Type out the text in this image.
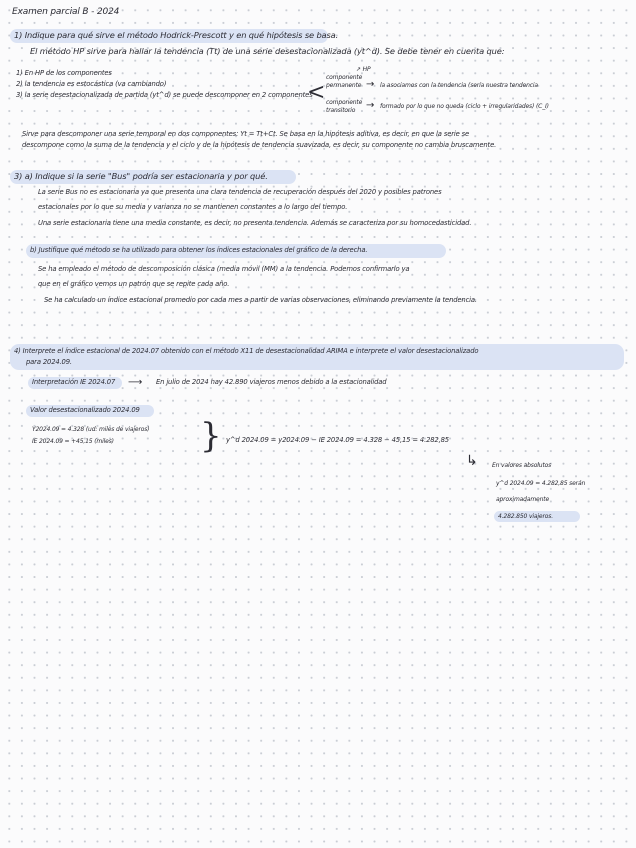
Examen parcial B - 2024
1) Indique para qué sirve el método Hodrick-Prescott y en qué hipótesis se basa.
El método HP sirve para hallar la tendencia (Tt) de una serie desestacionalizada (yt^d). Se debe tener en cuenta que:
1) En HP de los componentes
2) la tendencia es estocástica (va cambiando)
3) la serie desestacionalizada de partida (yt^d) se puede descomponer en 2 componentes
<
↗ HP
componente permanente → la asociamos con la tendencia (sería nuestra tendencia
componente transitorio	→ formado por lo que no queda (ciclo + irregularidades) (C_I)
Sirve para descomponer una serie temporal en dos componentes: Yt = Tt+Ct. Se basa en la hipótesis aditiva, es decir, en que la serie se
descompone como la suma de la tendencia y el ciclo y de la hipótesis de tendencia suavizada, es decir, su componente no cambia bruscamente.
3) a) Indique si la serie "Bus" podría ser estacionaria y por qué.
La serie Bus no es estacionaria ya que presenta una clara tendencia de recuperación después del 2020 y posibles patrones
estacionales por lo que su media y varianza no se mantienen constantes a lo largo del tiempo.
Una serie estacionaria tiene una media constante, es decir, no presenta tendencia. Además se caracteriza por su homocedasticidad.
b) Justifique qué método se ha utilizado para obtener los índices estacionales del gráfico de la derecha.
Se ha empleado el método de descomposición clásica (media móvil (MM) a la tendencia. Podemos confirmarlo ya
que en el gráfico vemos un patrón que se repite cada año.
Se ha calculado un índice estacional promedio por cada mes a partir de varias observaciones, eliminando previamente la tendencia.
4) Interprete el índice estacional de 2024.07 obtenido con el método X11 de desestacionalidad ARIMA e interprete el valor desestacionalizado
para 2024.09.
Interpretación IE 2024.07 ⟶ En julio de 2024 hay 42.890 viajeros menos debido a la estacionalidad
Valor desestacionalizado 2024.09
Y2024.09 = 4.328 (ud: miles de viajeros)
IE 2024.09 = +45,15 (miles)	} y^d 2024.09 = y2024.09 − IE 2024.09 = 4.328 − 45,15 = 4.282,85
↳ En valores absolutos
y^d 2024.09 = 4.282,85 serán
aproximadamente
4.282.850 viajeros.
